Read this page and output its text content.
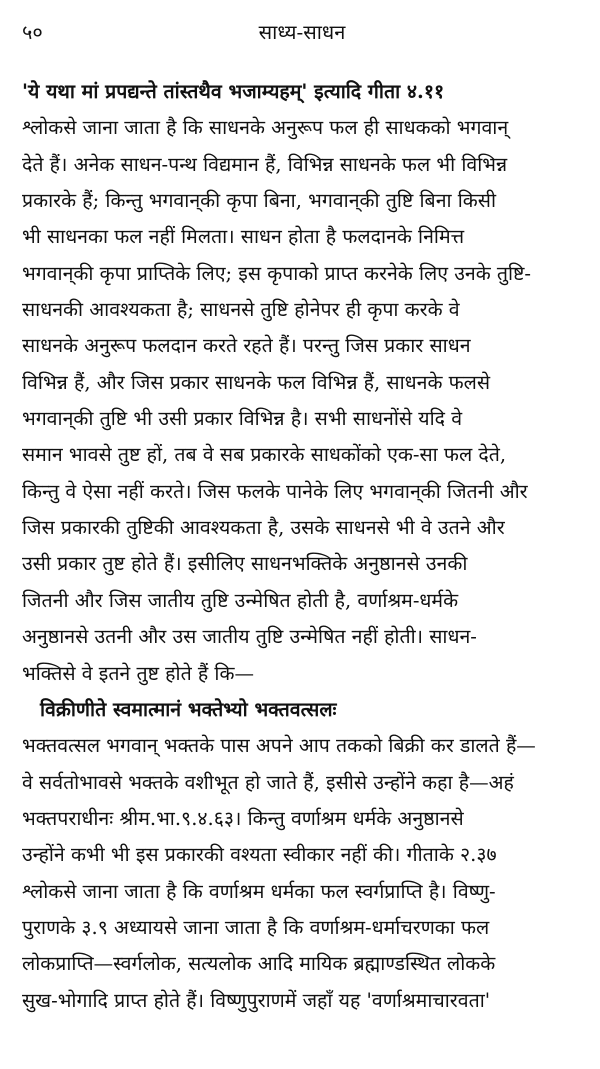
५०	साध्य-साधन
'ये यथा मां प्रपद्यन्ते तांस्तथैव भजाम्यहम्' इत्यादि गीता ४.११
श्लोकसे जाना जाता है कि साधनके अनुरूप फल ही साधकको भगवान्
देते हैं। अनेक साधन-पन्थ विद्यमान हैं, विभिन्न साधनके फल भी विभिन्न
प्रकारके हैं; किन्तु भगवान्‌की कृपा बिना, भगवान्‌की तुष्टि बिना किसी
भी साधनका फल नहीं मिलता। साधन होता है फलदानके निमित्त
भगवान्‌की कृपा प्राप्तिके लिए; इस कृपाको प्राप्त करनेके लिए उनके तुष्टि-
साधनकी आवश्यकता है; साधनसे तुष्टि होनेपर ही कृपा करके वे
साधनके अनुरूप फलदान करते रहते हैं। परन्तु जिस प्रकार साधन
विभिन्न हैं, और जिस प्रकार साधनके फल विभिन्न हैं, साधनके फलसे
भगवान्‌की तुष्टि भी उसी प्रकार विभिन्न है। सभी साधनोंसे यदि वे
समान भावसे तुष्ट हों, तब वे सब प्रकारके साधकोंको एक-सा फल देते,
किन्तु वे ऐसा नहीं करते। जिस फलके पानेके लिए भगवान्‌की जितनी और
जिस प्रकारकी तुष्टिकी आवश्यकता है, उसके साधनसे भी वे उतने और
उसी प्रकार तुष्ट होते हैं। इसीलिए साधनभक्तिके अनुष्ठानसे उनकी
जितनी और जिस जातीय तुष्टि उन्मेषित होती है, वर्णाश्रम-धर्मके
अनुष्ठानसे उतनी और उस जातीय तुष्टि उन्मेषित नहीं होती। साधन-
भक्तिसे वे इतने तुष्ट होते हैं कि—
विक्रीणीते स्वमात्मानं भक्तेभ्यो भक्तवत्सलः
भक्तवत्सल भगवान् भक्तके पास अपने आप तकको बिक्री कर डालते हैं—
वे सर्वतोभावसे भक्तके वशीभूत हो जाते हैं, इसीसे उन्होंने कहा है—अहं
भक्तपराधीनः श्रीम.भा.९.४.६३। किन्तु वर्णाश्रम धर्मके अनुष्ठानसे
उन्होंने कभी भी इस प्रकारकी वश्यता स्वीकार नहीं की। गीताके २.३७
श्लोकसे जाना जाता है कि वर्णाश्रम धर्मका फल स्वर्गप्राप्ति है। विष्णु-
पुराणके ३.९ अध्यायसे जाना जाता है कि वर्णाश्रम-धर्माचरणका फल
लोकप्राप्ति—स्वर्गलोक, सत्यलोक आदि मायिक ब्रह्माण्डस्थित लोकके
सुख-भोगादि प्राप्त होते हैं। विष्णुपुराणमें जहाँ यह 'वर्णाश्रमाचारवता'
